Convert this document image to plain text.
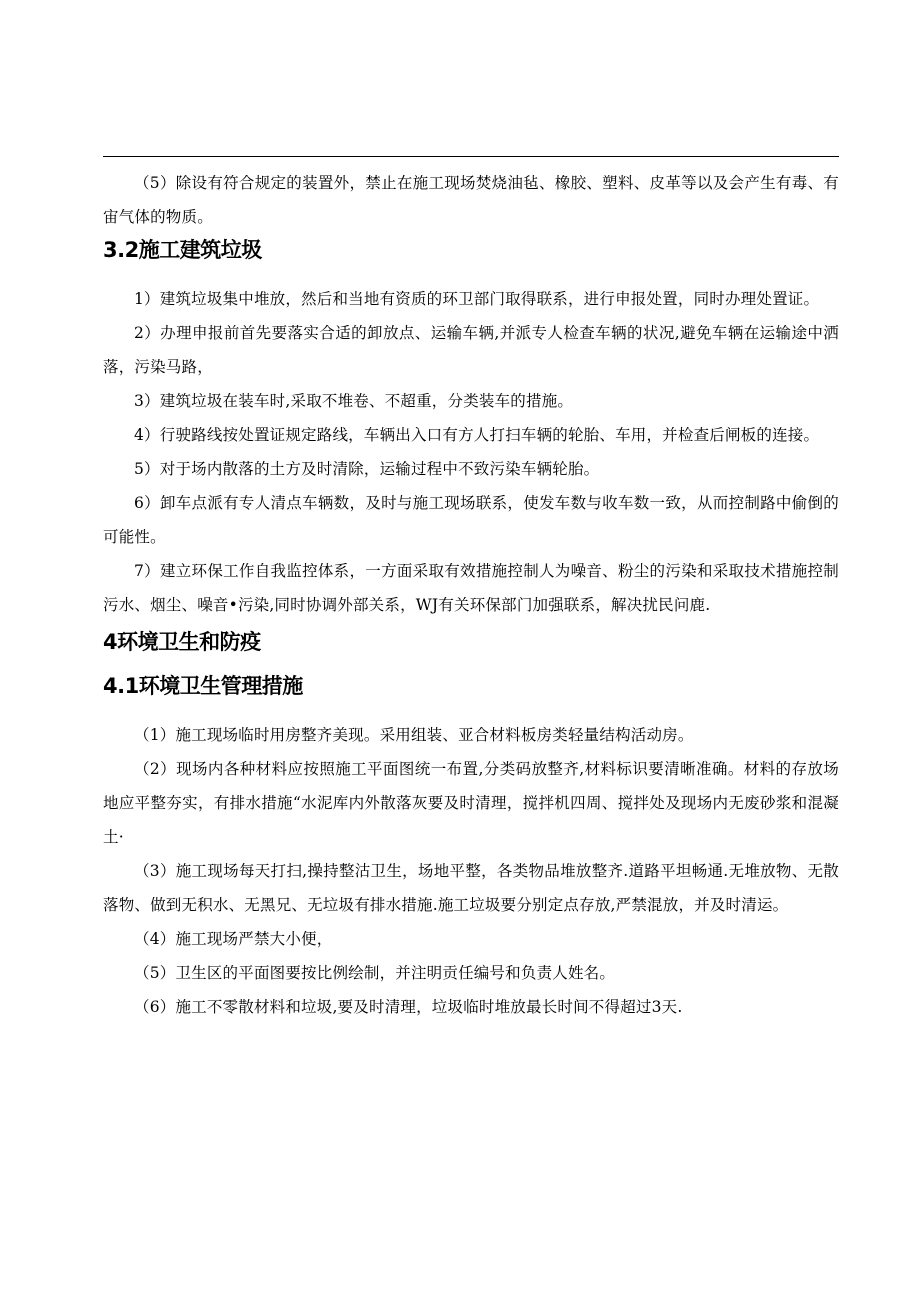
（5）除设有符合规定的装置外，禁止在施工现场焚烧油毡、橡胶、塑料、皮革等以及会产生有毒、有宙气体的物质。

3.2施工建筑垃圾

1）建筑垃圾集中堆放，然后和当地有资质的环卫部门取得联系，进行申报处置，同时办理处置证。

2）办理申报前首先要落实合适的卸放点、运输车辆,并派专人检查车辆的状况,避免车辆在运输途中洒落，污染马路，

3）建筑垃圾在装车时,采取不堆卷、不超重，分类装车的措施。

4）行驶路线按处置证规定路线，车辆出入口有方人打扫车辆的轮胎、车用，并检查后闸板的连接。

5）对于场内散落的土方及时清除，运输过程中不致污染车辆轮胎。

6）卸车点派有专人清点车辆数，及时与施工现场联系，使发车数与收车数一致，从而控制路中偷倒的可能性。

7）建立环保工作自我监控体系，一方面采取有效措施控制人为噪音、粉尘的污染和采取技术措施控制污水、烟尘、噪音•污染,同时协调外部关系，WJ有关环保部门加强联系，解决扰民问鹿.

4环境卫生和防疫
4.1环境卫生管理措施

（1）施工现场临时用房整齐美现。采用组装、亚合材料板房类轻量结构活动房。

（2）现场内各种材料应按照施工平面图统一布置,分类码放整齐,材料标识要清晰准确。材料的存放场地应平整夯实，有排水措施“水泥库内外散落灰要及时清理，搅拌机四周、搅拌处及现场内无废砂浆和混凝土·

（3）施工现场每天打扫,操持整沽卫生，场地平整，各类物品堆放整齐.道路平坦畅通.无堆放物、无散落物、做到无积水、无黑兄、无垃圾有排水措施.施工垃圾要分别定点存放,严禁混放，并及时清运。

（4）施工现场严禁大小便，

（5）卫生区的平面图要按比例绘制，并注明贡任编号和负责人姓名。

（6）施工不零散材料和垃圾,要及时清理，垃圾临时堆放最长时间不得超过3天.
